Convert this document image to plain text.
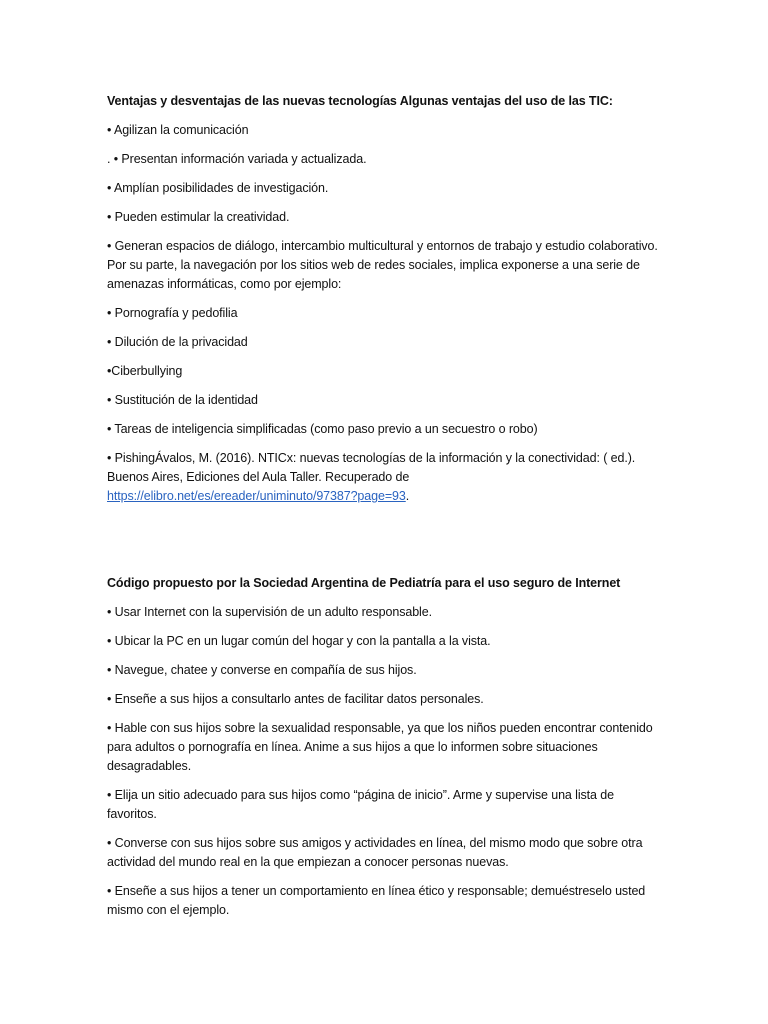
Ventajas y desventajas de las nuevas tecnologías Algunas ventajas del uso de las TIC:

• Agilizan la comunicación

. • Presentan información variada y actualizada.

• Amplían posibilidades de investigación.

• Pueden estimular la creatividad.

• Generan espacios de diálogo, intercambio multicultural y entornos de trabajo y estudio colaborativo. Por su parte, la navegación por los sitios web de redes sociales, implica exponerse a una serie de amenazas informáticas, como por ejemplo:

• Pornografía y pedofilia

• Dilución de la privacidad

•Ciberbullying

• Sustitución de la identidad

• Tareas de inteligencia simplificadas (como paso previo a un secuestro o robo)

• PishingÁvalos, M. (2016). NTICx: nuevas tecnologías de la información y la conectividad: ( ed.). Buenos Aires, Ediciones del Aula Taller. Recuperado de https://elibro.net/es/ereader/uniminuto/97387?page=93.

Código propuesto por la Sociedad Argentina de Pediatría para el uso seguro de Internet

• Usar Internet con la supervisión de un adulto responsable.

• Ubicar la PC en un lugar común del hogar y con la pantalla a la vista.

• Navegue, chatee y converse en compañía de sus hijos.

• Enseñe a sus hijos a consultarlo antes de facilitar datos personales.

• Hable con sus hijos sobre la sexualidad responsable, ya que los niños pueden encontrar contenido para adultos o pornografía en línea. Anime a sus hijos a que lo informen sobre situaciones desagradables.

• Elija un sitio adecuado para sus hijos como “página de inicio”. Arme y supervise una lista de favoritos.

• Converse con sus hijos sobre sus amigos y actividades en línea, del mismo modo que sobre otra actividad del mundo real en la que empiezan a conocer personas nuevas.

• Enseñe a sus hijos a tener un comportamiento en línea ético y responsable; demuéstreselo usted mismo con el ejemplo.
